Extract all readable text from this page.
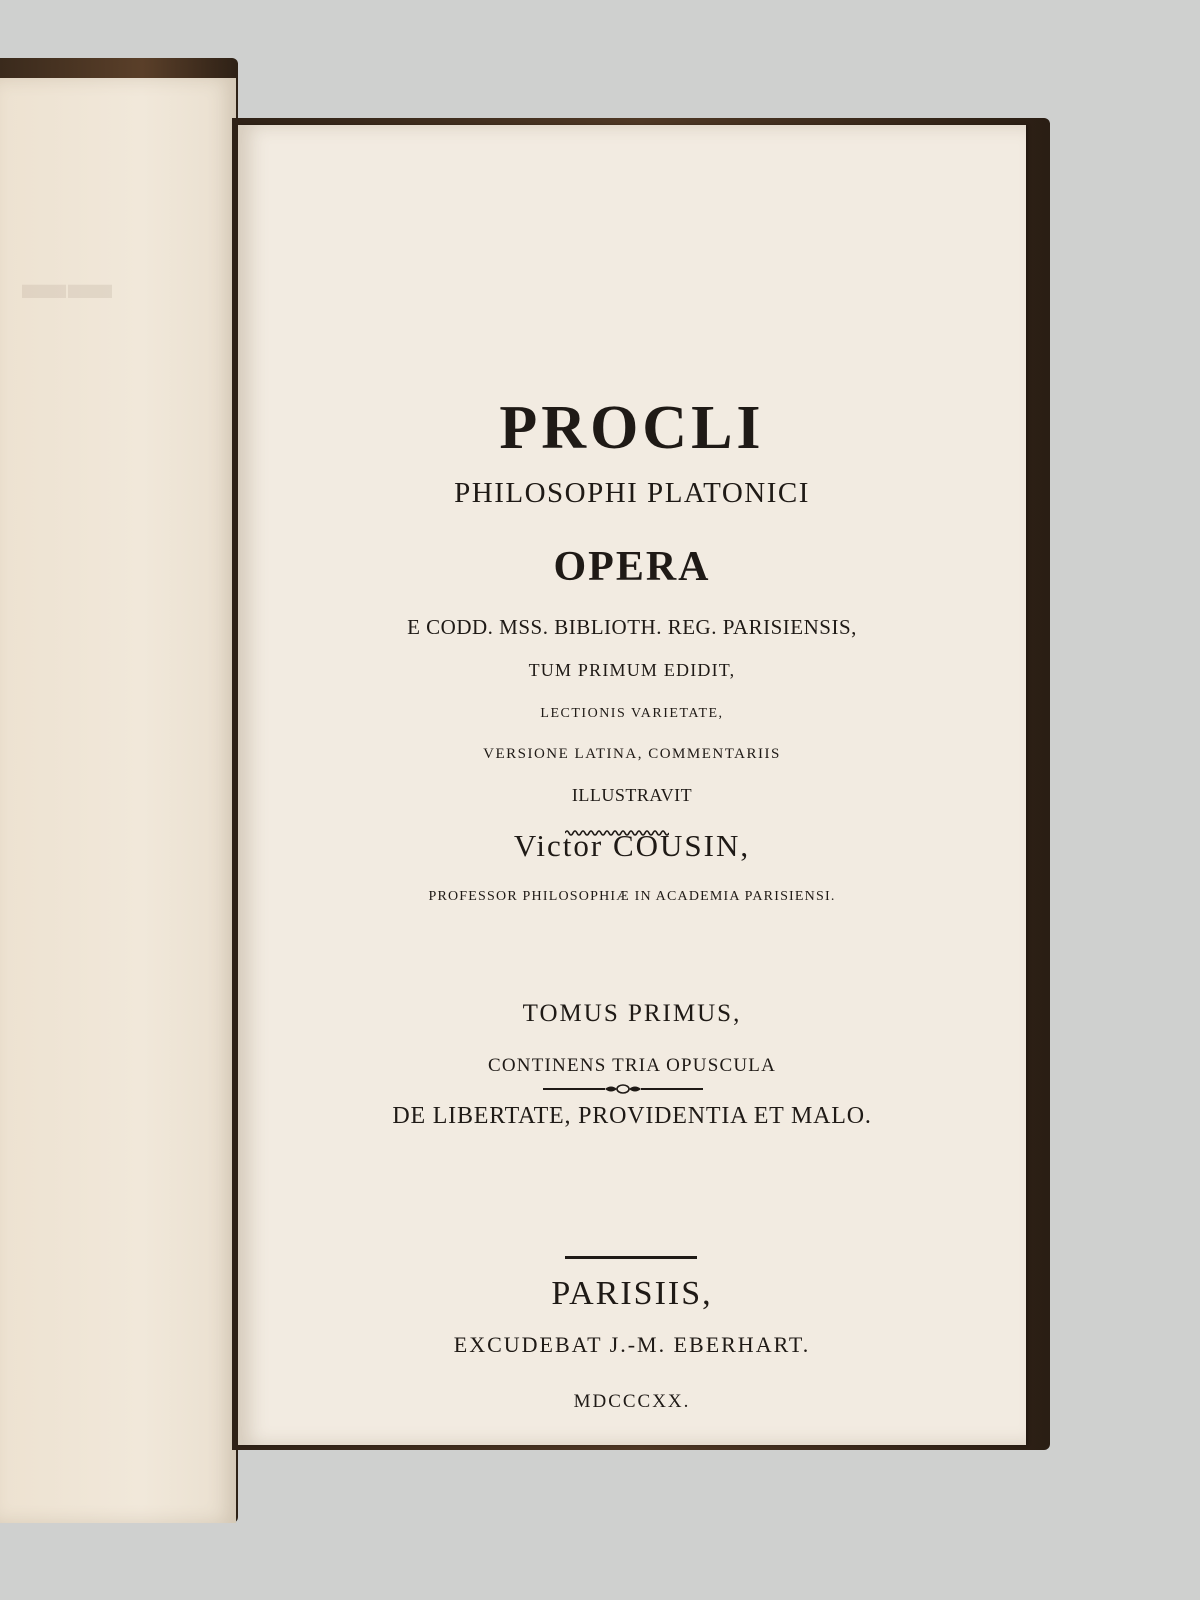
▬▬
PROCLI
PHILOSOPHI PLATONICI
OPERA
E CODD. MSS. BIBLIOTH. REG. PARISIENSIS,
TUM PRIMUM EDIDIT,
LECTIONIS VARIETATE,
VERSIONE LATINA, COMMENTARIIS
ILLUSTRAVIT
Victor COUSIN,
PROFESSOR PHILOSOPHIÆ IN ACADEMIA PARISIENSI.
TOMUS PRIMUS,
CONTINENS TRIA OPUSCULA
DE LIBERTATE, PROVIDENTIA ET MALO.
PARISIIS,
EXCUDEBAT J.-M. EBERHART.
MDCCCXX.
